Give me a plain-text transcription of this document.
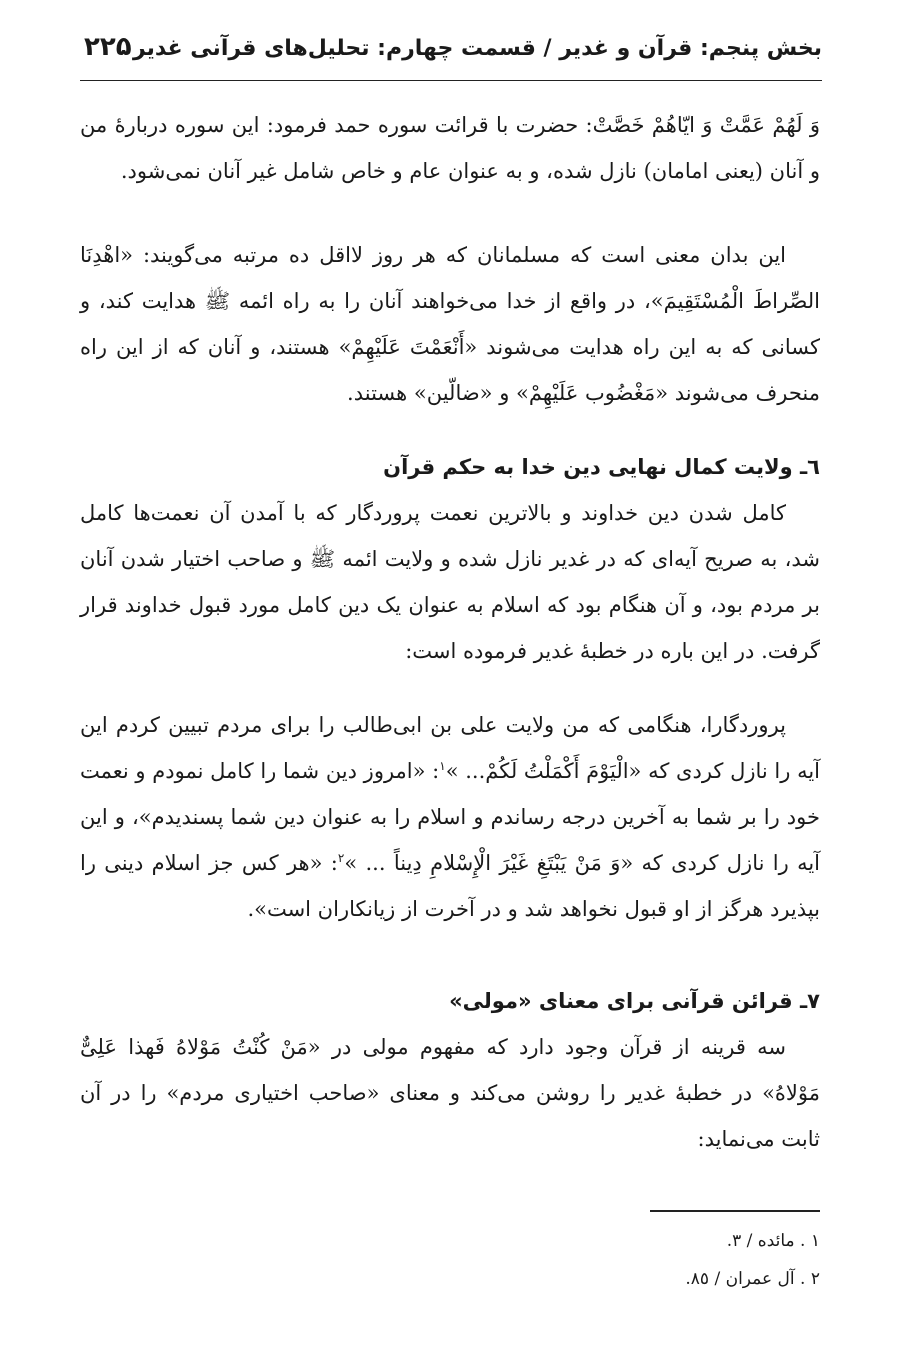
بخش پنجم: قرآن و غدیر / قسمت چهارم: تحلیل‌های قرآنی غدیر
۲۲۵

وَ لَهُمْ عَمَّتْ وَ ایّاهُمْ خَصَّتْ: حضرت با قرائت سوره حمد فرمود: این سوره دربارهٔ من و آنان (یعنی امامان) نازل شده، و به عنوان عام و خاص شامل غیر آنان نمی‌شود.

این بدان معنی است که مسلمانان که هر روز لااقل ده مرتبه می‌گویند: «اهْدِنَا الصِّراطَ الْمُسْتَقِیمَ»، در واقع از خدا می‌خواهند آنان را به راه ائمه ﷺ هدایت کند، و کسانی که به این راه هدایت می‌شوند «أَنْعَمْتَ عَلَیْهِمْ» هستند، و آنان که از این راه منحرف می‌شوند «مَغْضُوب عَلَیْهِمْ» و «ضالّین» هستند.

٦ـ ولایت کمال نهایی دین خدا به حکم قرآن

کامل شدن دین خداوند و بالاترین نعمت پروردگار که با آمدن آن نعمت‌ها کامل شد، به صریح آیه‌ای که در غدیر نازل شده و ولایت ائمه ﷺ و صاحب اختیار شدن آنان بر مردم بود، و آن هنگام بود که اسلام به عنوان یک دین کامل مورد قبول خداوند قرار گرفت. در این باره در خطبهٔ غدیر فرموده است:

پروردگارا، هنگامی که من ولایت علی بن ابی‌طالب را برای مردم تبیین کردم این آیه را نازل کردی که «الْیَوْمَ أَکْمَلْتُ لَکُمْ... »$^١$: «امروز دین شما را کامل نمودم و نعمت خود را بر شما به آخرین درجه رساندم و اسلام را به عنوان دین شما پسندیدم»، و این آیه را نازل کردی که «وَ مَنْ یَبْتَغِ غَیْرَ الْإِسْلامِ دِیناً ... »$^٢$: «هر کس جز اسلام دینی را بپذیرد هرگز از او قبول نخواهد شد و در آخرت از زیانکاران است».

٧ـ قرائن قرآنی برای معنای «مولی»

سه قرینه از قرآن وجود دارد که مفهوم مولی در «مَنْ کُنْتُ مَوْلاهُ فَهذا عَلِیٌّ مَوْلاهُ» در خطبهٔ غدیر را روشن می‌کند و معنای «صاحب اختیاری مردم» را در آن ثابت می‌نماید:

١ . مائده / ٣.
٢ . آل عمران / ٨٥.
